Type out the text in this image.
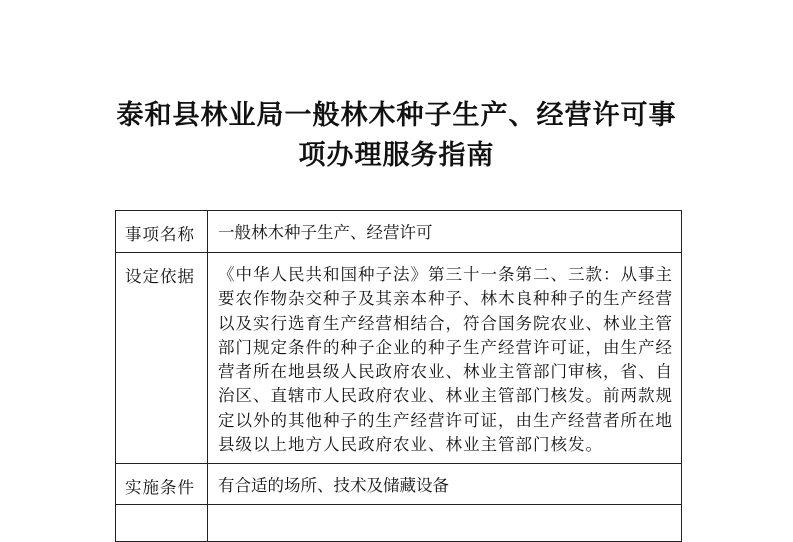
泰和县林业局一般林木种子生产、经营许可事
项办理服务指南
事项名称	一般林木种子生产、经营许可
设定依据	《中华人民共和国种子法》第三十一条第二、三款：从事主要农作物杂交种子及其亲本种子、林木良种种子的生产经营以及实行选育生产经营相结合，符合国务院农业、林业主管部门规定条件的种子企业的种子生产经营许可证，由生产经营者所在地县级人民政府农业、林业主管部门审核，省、自治区、直辖市人民政府农业、林业主管部门核发。前两款规定以外的其他种子的生产经营许可证，由生产经营者所在地县级以上地方人民政府农业、林业主管部门核发。
实施条件	有合适的场所、技术及储藏设备
